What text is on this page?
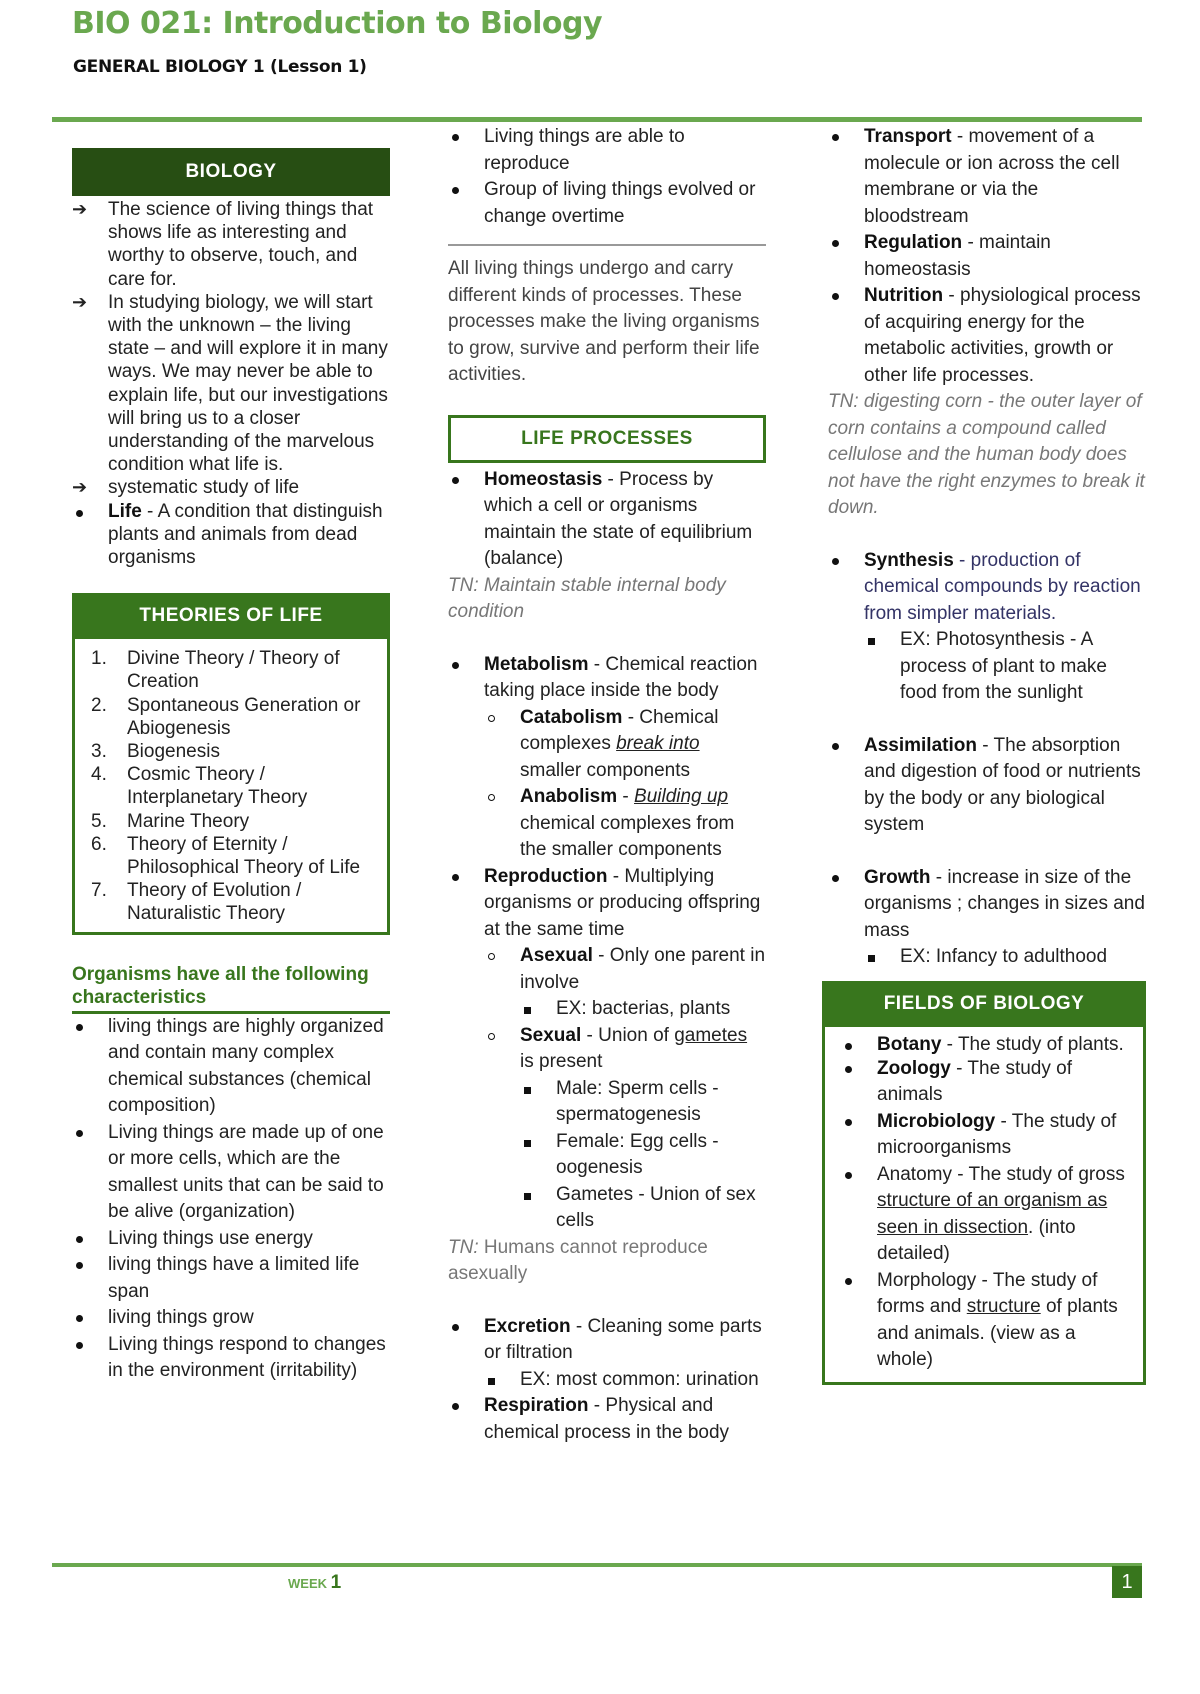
BIO 021: Introduction to Biology
GENERAL BIOLOGY 1 (Lesson 1)
BIOLOGY
➔	The science of living things that shows life as interesting and worthy to observe, touch, and care for.
➔	In studying biology, we will start with the unknown – the living state – and will explore it in many ways. We may never be able to explain life, but our investigations will bring us to a closer understanding of the marvelous condition what life is.
➔	systematic study of life
Life - A condition that distinguish plants and animals from dead organisms
THEORIES OF LIFE
1. Divine Theory / Theory of Creation
2. Spontaneous Generation or Abiogenesis
3. Biogenesis
4. Cosmic Theory / Interplanetary Theory
5. Marine Theory
6. Theory of Eternity / Philosophical Theory of Life
7. Theory of Evolution / Naturalistic Theory
Organisms have all the following characteristics
living things are highly organized and contain many complex chemical substances (chemical composition)
Living things are made up of one or more cells, which are the smallest units that can be said to be alive (organization)
Living things use energy
living things have a limited life span
living things grow
Living things respond to changes in the environment (irritability)
Living things are able to reproduce
Group of living things evolved or change overtime
All living things undergo and carry different kinds of processes. These processes make the living organisms to grow, survive and perform their life activities.
LIFE PROCESSES
Homeostasis - Process by which a cell or organisms maintain the state of equilibrium (balance)
TN: Maintain stable internal body condition
Metabolism - Chemical reaction taking place inside the body
Catabolism - Chemical complexes break into smaller components
Anabolism - Building up chemical complexes from the smaller components
Reproduction - Multiplying organisms or producing offspring at the same time
Asexual - Only one parent in involve
EX: bacterias, plants
Sexual - Union of gametes is present
Male: Sperm cells - spermatogenesis
Female: Egg cells - oogenesis
Gametes - Union of sex cells
TN: Humans cannot reproduce asexually
Excretion - Cleaning some parts or filtration
EX: most common: urination
Respiration - Physical and chemical process in the body
Transport - movement of a molecule or ion across the cell membrane or via the bloodstream
Regulation - maintain homeostasis
Nutrition - physiological process of acquiring energy for the metabolic activities, growth or other life processes.
TN: digesting corn - the outer layer of corn contains a compound called cellulose and the human body does not have the right enzymes to break it down.
Synthesis - production of chemical compounds by reaction from simpler materials.
EX: Photosynthesis - A process of plant to make food from the sunlight
Assimilation - The absorption and digestion of food or nutrients by the body or any biological system
Growth - increase in size of the organisms ; changes in sizes and mass
EX: Infancy to adulthood
FIELDS OF BIOLOGY
Botany - The study of plants.
Zoology - The study of animals
Microbiology - The study of microorganisms
Anatomy - The study of gross structure of an organism as seen in dissection. (into detailed)
Morphology - The study of forms and structure of plants and animals. (view as a whole)
WEEK 1	1
